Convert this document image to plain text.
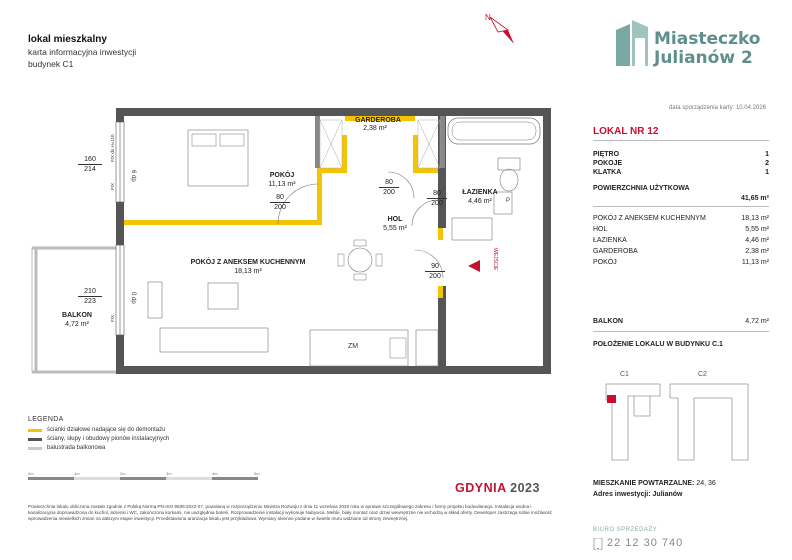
lokal mieszkalny
karta informacyjna inwestycji
budynek C1
N
Miasteczko
Julianów 2
data sporządzenia karty: 10.04.2026
ZM
P
WEJŚCIE
FIX
FIX do H=110
FIX
6 dp
0 dp
GARDEROBA
2,38 m²
POKÓJ
11,13 m²
HOL
5,55 m²
ŁAZIENKA
4,46 m²
POKÓJ Z ANEKSEM KUCHENNYM
18,13 m²
BALKON
4,72 m²
160
214
210
223
80
200
80
200	80
200
90
200
LOKAL NR 12
PIĘTRO	1
POKOJE	2
KLATKA	1
POWIERZCHNIA UŻYTKOWA
41,65 m²
POKÓJ Z ANEKSEM KUCHENNYM	18,13 m²
HOL	5,55 m²
ŁAZIENKA	4,46 m²
GARDEROBA	2,38 m²
POKÓJ	11,13 m²
BALKON	4,72 m²
POŁOŻENIE LOKALU W BUDYNKU C.1
C1	C2
MIESZKANIE POWTARZALNE: 24, 36
Adres inwestycji: Julianów
LEGENDA
ścianki działowe nadające się do demontażu
ściany, słupy i obudowy pionów instalacyjnych
balustrada balkonowa
0m	1m	2m	3m	4m	5m
GDYNIA 2023
Powierzchnia lokalu obliczona zostało zgodnie z Polską Normą PN-ISO 9836:2022-07, powołaną w rozporządzeniu Ministra Rozwoju z dnia 11 września 2020 roku w sprawie szczegółowego zakresu i formy projektu budowlanego. Instalacja wodna i kanalizacyjna doprowadzona do kuchni, łazienki i WC, zakończona korkami, nie uwzględnia baterii. Rozprowadzenie instalacji wykonuje Nabywca. Meble, biały montaż oraz drzwi wewnętrzne nie wchodzą w skład oferty. Deweloper zastrzega sobie możliwość wprowadzenia niewielkich zmian na dalszym etapie inwestycji. Przedstawiona aranżacja lokalu jest przykładowa. Wymiary okienne podane w świetle muru widziane od strony zewnętrznej.
BIURO SPRZEDAŻY
22 12 30 740
